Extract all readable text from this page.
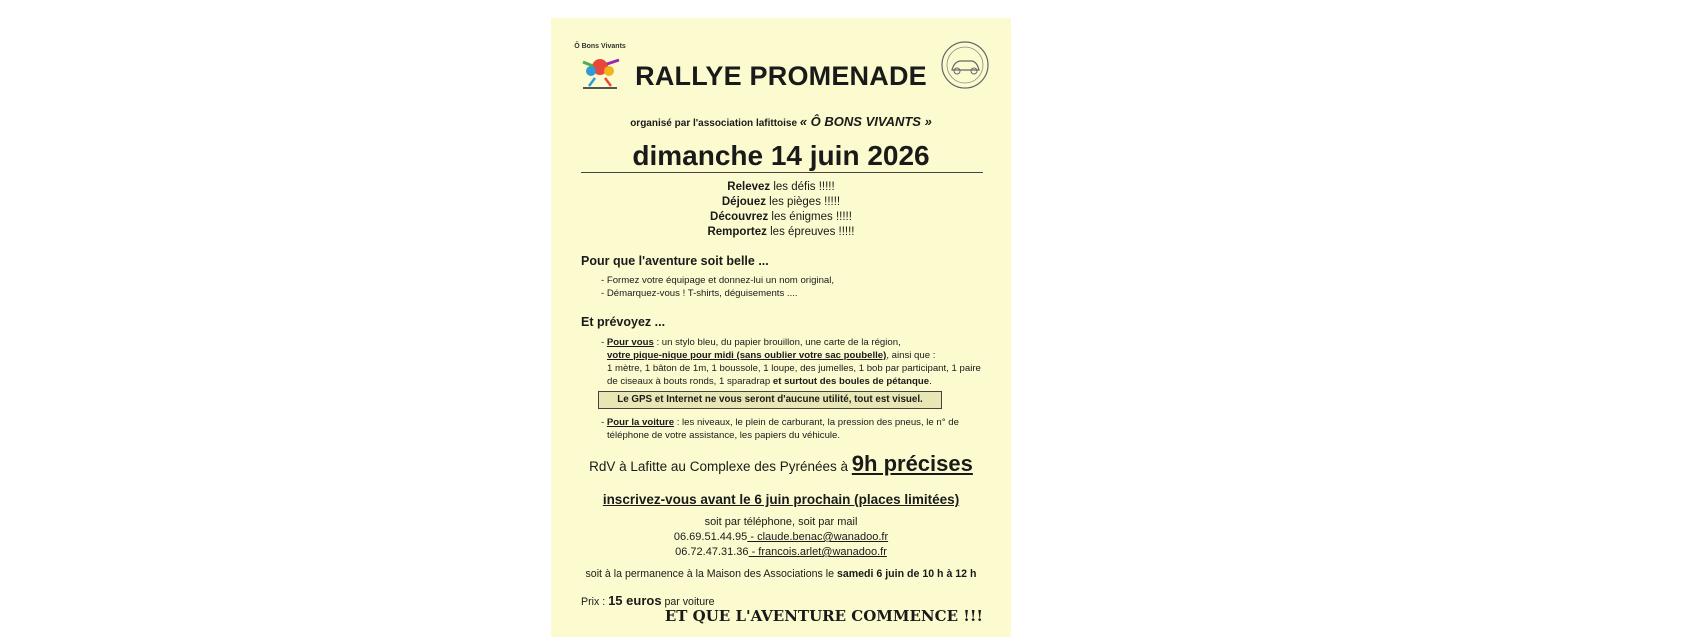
Ô Bons Vivants
RALLYE PROMENADE
organisé par l'association lafittoise « Ô BONS VIVANTS »
dimanche 14 juin 2026
Relevez les défis !!!!!
Déjouez les pièges !!!!!
Découvrez les énigmes !!!!!
Remportez les épreuves !!!!!
Pour que l'aventure soit belle ...
- Formez votre équipage et donnez-lui un nom original,
- Démarquez-vous ! T-shirts, déguisements ....
Et prévoyez ...
- Pour vous : un stylo bleu, du papier brouillon, une carte de la région,
votre pique-nique pour midi (sans oublier votre sac poubelle), ainsi que :
1 mètre, 1 bâton de 1m, 1 boussole, 1 loupe, des jumelles, 1 bob par participant, 1 paire
de ciseaux à bouts ronds, 1 sparadrap et surtout des boules de pétanque.
Le GPS et Internet ne vous seront d'aucune utilité, tout est visuel.
- Pour la voiture : les niveaux, le plein de carburant, la pression des pneus, le n° de
téléphone de votre assistance, les papiers du véhicule.
RdV à Lafitte au Complexe des Pyrénées à 9h précises
inscrivez-vous avant le 6 juin prochain (places limitées)
soit par téléphone, soit par mail
06.69.51.44.95 - claude.benac@wanadoo.fr
06.72.47.31.36 - francois.arlet@wanadoo.fr
soit à la permanence à la Maison des Associations le samedi 6 juin de 10 h à 12 h
Prix : 15 euros par voiture
ET QUE L'AVENTURE COMMENCE !!!
